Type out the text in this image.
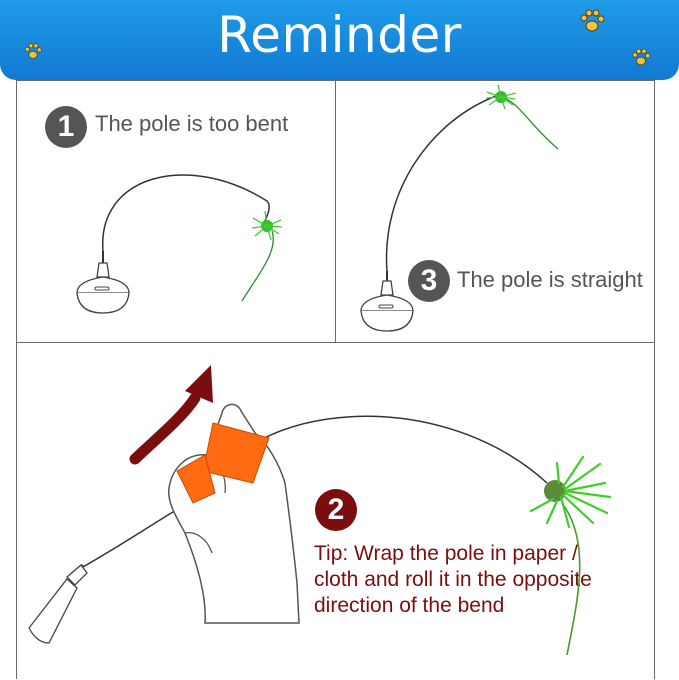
Reminder
1 The pole is too bent
3 The pole is straight
2
Tip: Wrap the pole in paper / cloth and roll it in the opposite direction of the bend
